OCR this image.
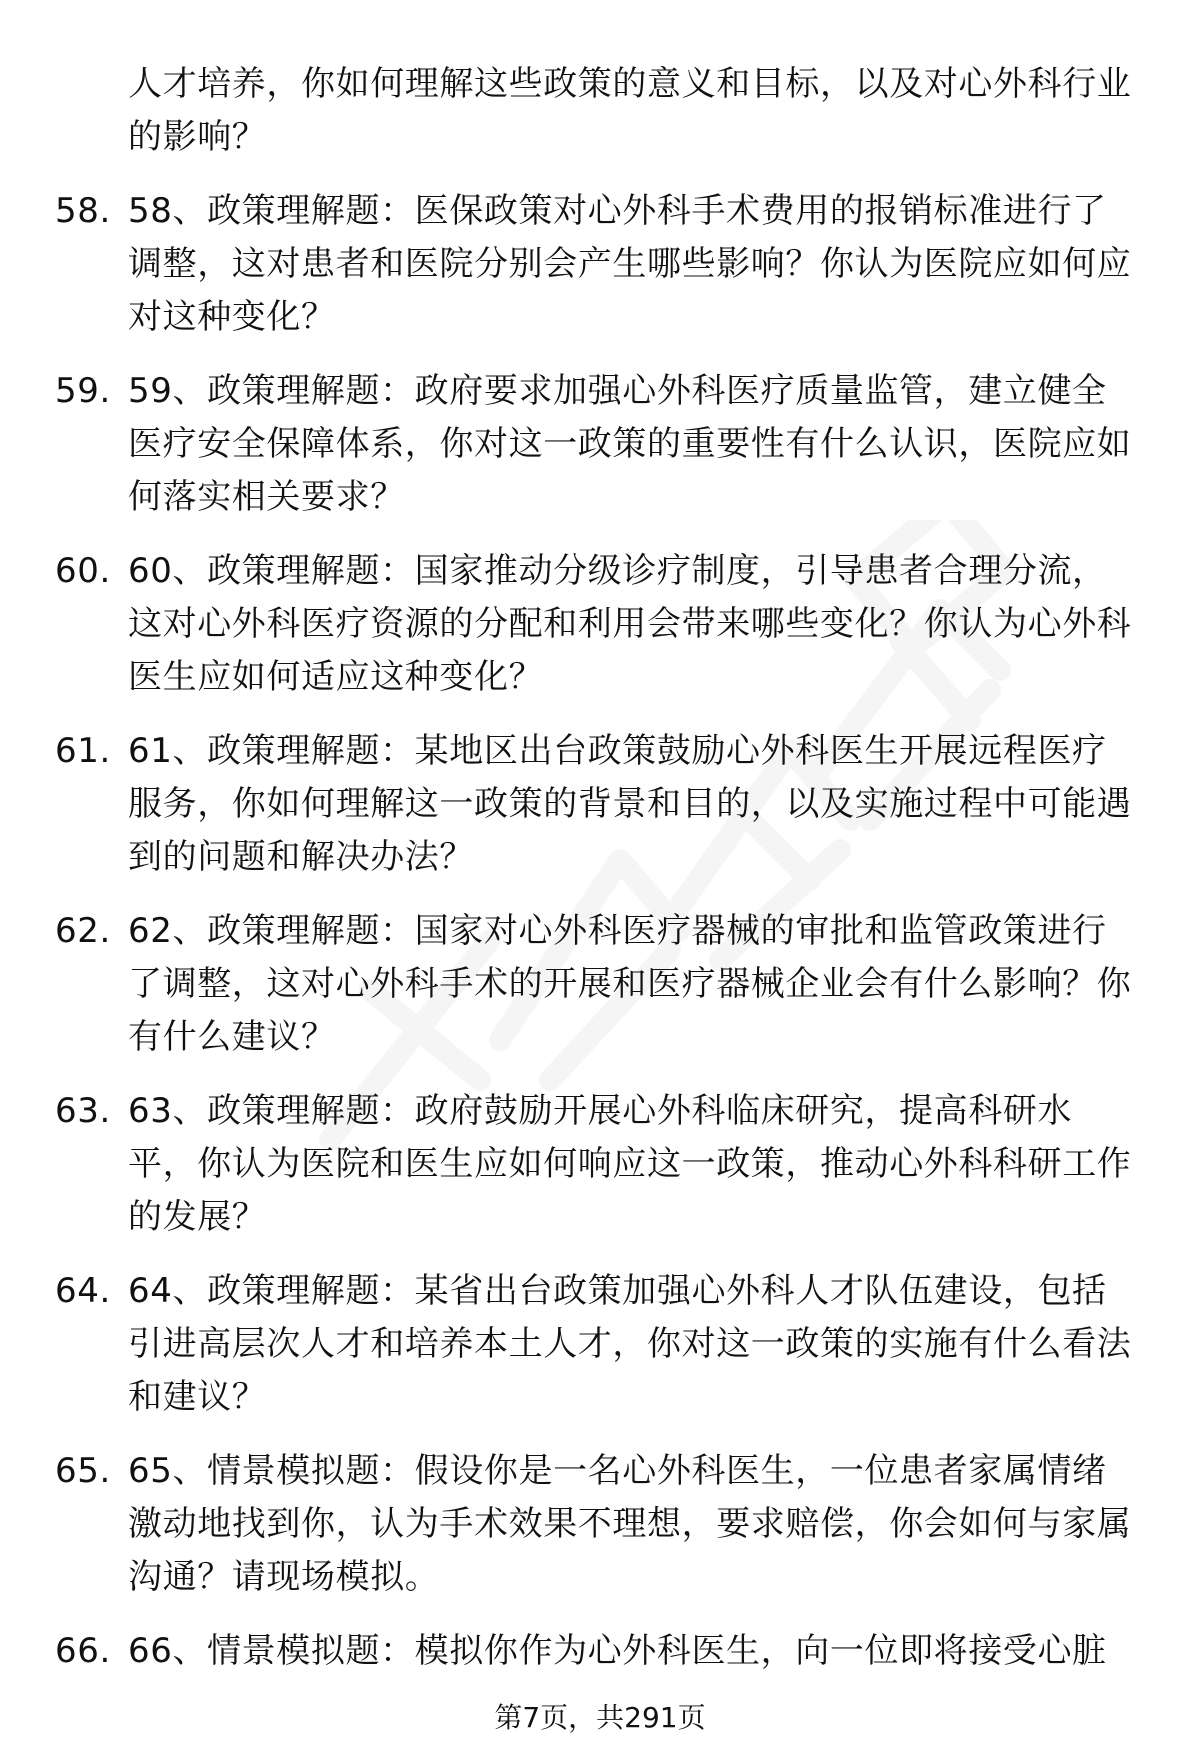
人才培养，你如何理解这些政策的意义和目标，以及对心外科行业的影响？
58. 58、政策理解题：医保政策对心外科手术费用的报销标准进行了调整，这对患者和医院分别会产生哪些影响？你认为医院应如何应对这种变化？
59. 59、政策理解题：政府要求加强心外科医疗质量监管，建立健全医疗安全保障体系，你对这一政策的重要性有什么认识，医院应如何落实相关要求？
60. 60、政策理解题：国家推动分级诊疗制度，引导患者合理分流，这对心外科医疗资源的分配和利用会带来哪些变化？你认为心外科医生应如何适应这种变化？
61. 61、政策理解题：某地区出台政策鼓励心外科医生开展远程医疗服务，你如何理解这一政策的背景和目的，以及实施过程中可能遇到的问题和解决办法？
62. 62、政策理解题：国家对心外科医疗器械的审批和监管政策进行了调整，这对心外科手术的开展和医疗器械企业会有什么影响？你有什么建议？
63. 63、政策理解题：政府鼓励开展心外科临床研究，提高科研水平，你认为医院和医生应如何响应这一政策，推动心外科科研工作的发展？
64. 64、政策理解题：某省出台政策加强心外科人才队伍建设，包括引进高层次人才和培养本土人才，你对这一政策的实施有什么看法和建议？
65. 65、情景模拟题：假设你是一名心外科医生，一位患者家属情绪激动地找到你，认为手术效果不理想，要求赔偿，你会如何与家属沟通？请现场模拟。
66. 66、情景模拟题：模拟你作为心外科医生，向一位即将接受心脏
第7页，共291页
